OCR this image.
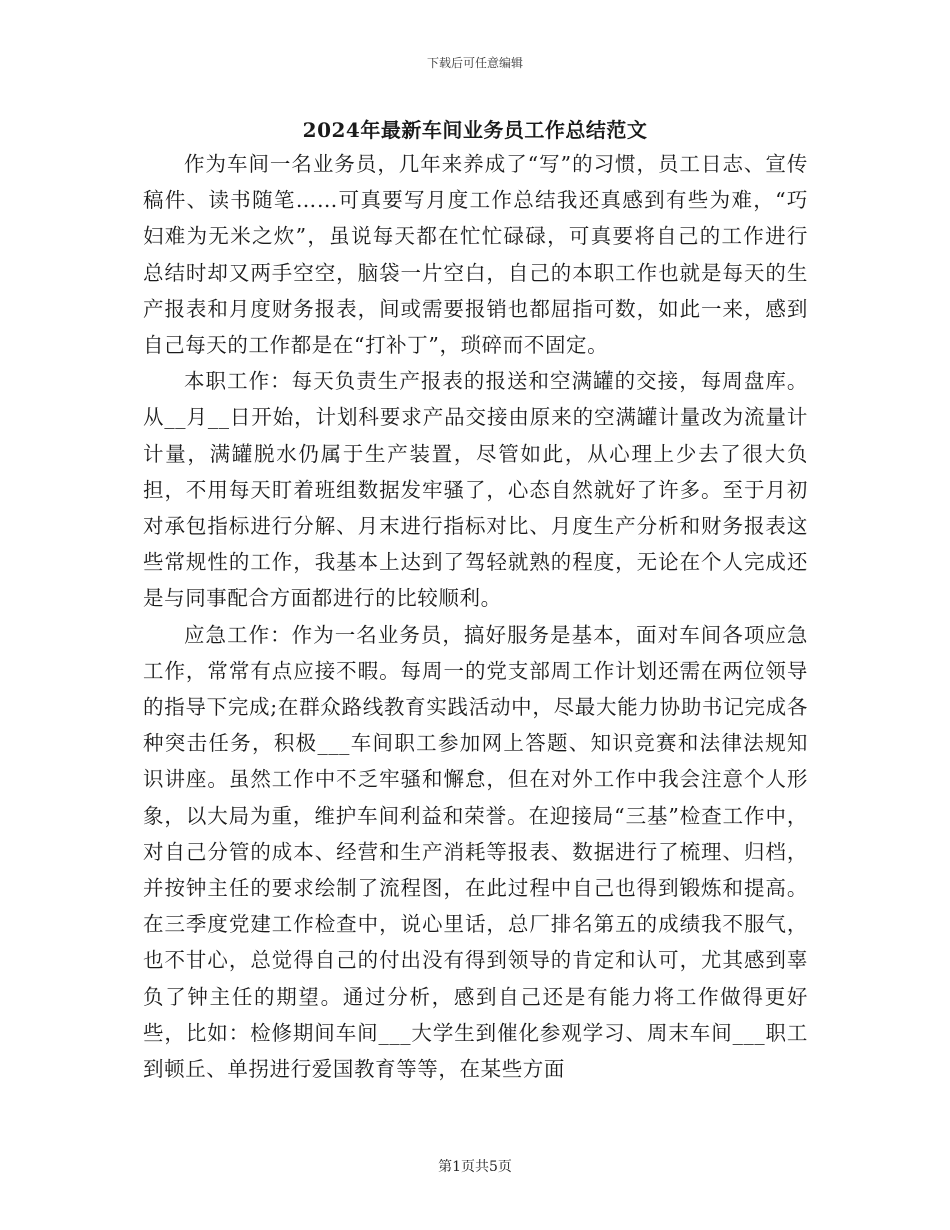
下载后可任意编辑
2024年最新车间业务员工作总结范文

作为车间一名业务员，几年来养成了“写”的习惯，员工日志、宣传稿件、读书随笔……可真要写月度工作总结我还真感到有些为难，“巧妇难为无米之炊”，虽说每天都在忙忙碌碌，可真要将自己的工作进行总结时却又两手空空，脑袋一片空白，自己的本职工作也就是每天的生产报表和月度财务报表，间或需要报销也都屈指可数，如此一来，感到自己每天的工作都是在“打补丁”，琐碎而不固定。

本职工作：每天负责生产报表的报送和空满罐的交接，每周盘库。从__月__日开始，计划科要求产品交接由原来的空满罐计量改为流量计计量，满罐脱水仍属于生产装置，尽管如此，从心理上少去了很大负担，不用每天盯着班组数据发牢骚了，心态自然就好了许多。至于月初对承包指标进行分解、月末进行指标对比、月度生产分析和财务报表这些常规性的工作，我基本上达到了驾轻就熟的程度，无论在个人完成还是与同事配合方面都进行的比较顺利。

应急工作：作为一名业务员，搞好服务是基本，面对车间各项应急工作，常常有点应接不暇。每周一的党支部周工作计划还需在两位领导的指导下完成;在群众路线教育实践活动中，尽最大能力协助书记完成各种突击任务，积极___车间职工参加网上答题、知识竞赛和法律法规知识讲座。虽然工作中不乏牢骚和懈怠，但在对外工作中我会注意个人形象，以大局为重，维护车间利益和荣誉。在迎接局“三基”检查工作中，对自己分管的成本、经营和生产消耗等报表、数据进行了梳理、归档，并按钟主任的要求绘制了流程图，在此过程中自己也得到锻炼和提高。在三季度党建工作检查中，说心里话，总厂排名第五的成绩我不服气，也不甘心，总觉得自己的付出没有得到领导的肯定和认可，尤其感到辜负了钟主任的期望。通过分析，感到自己还是有能力将工作做得更好些，比如：检修期间车间___大学生到催化参观学习、周末车间___职工到顿丘、单拐进行爱国教育等等，在某些方面

第1页共5页
